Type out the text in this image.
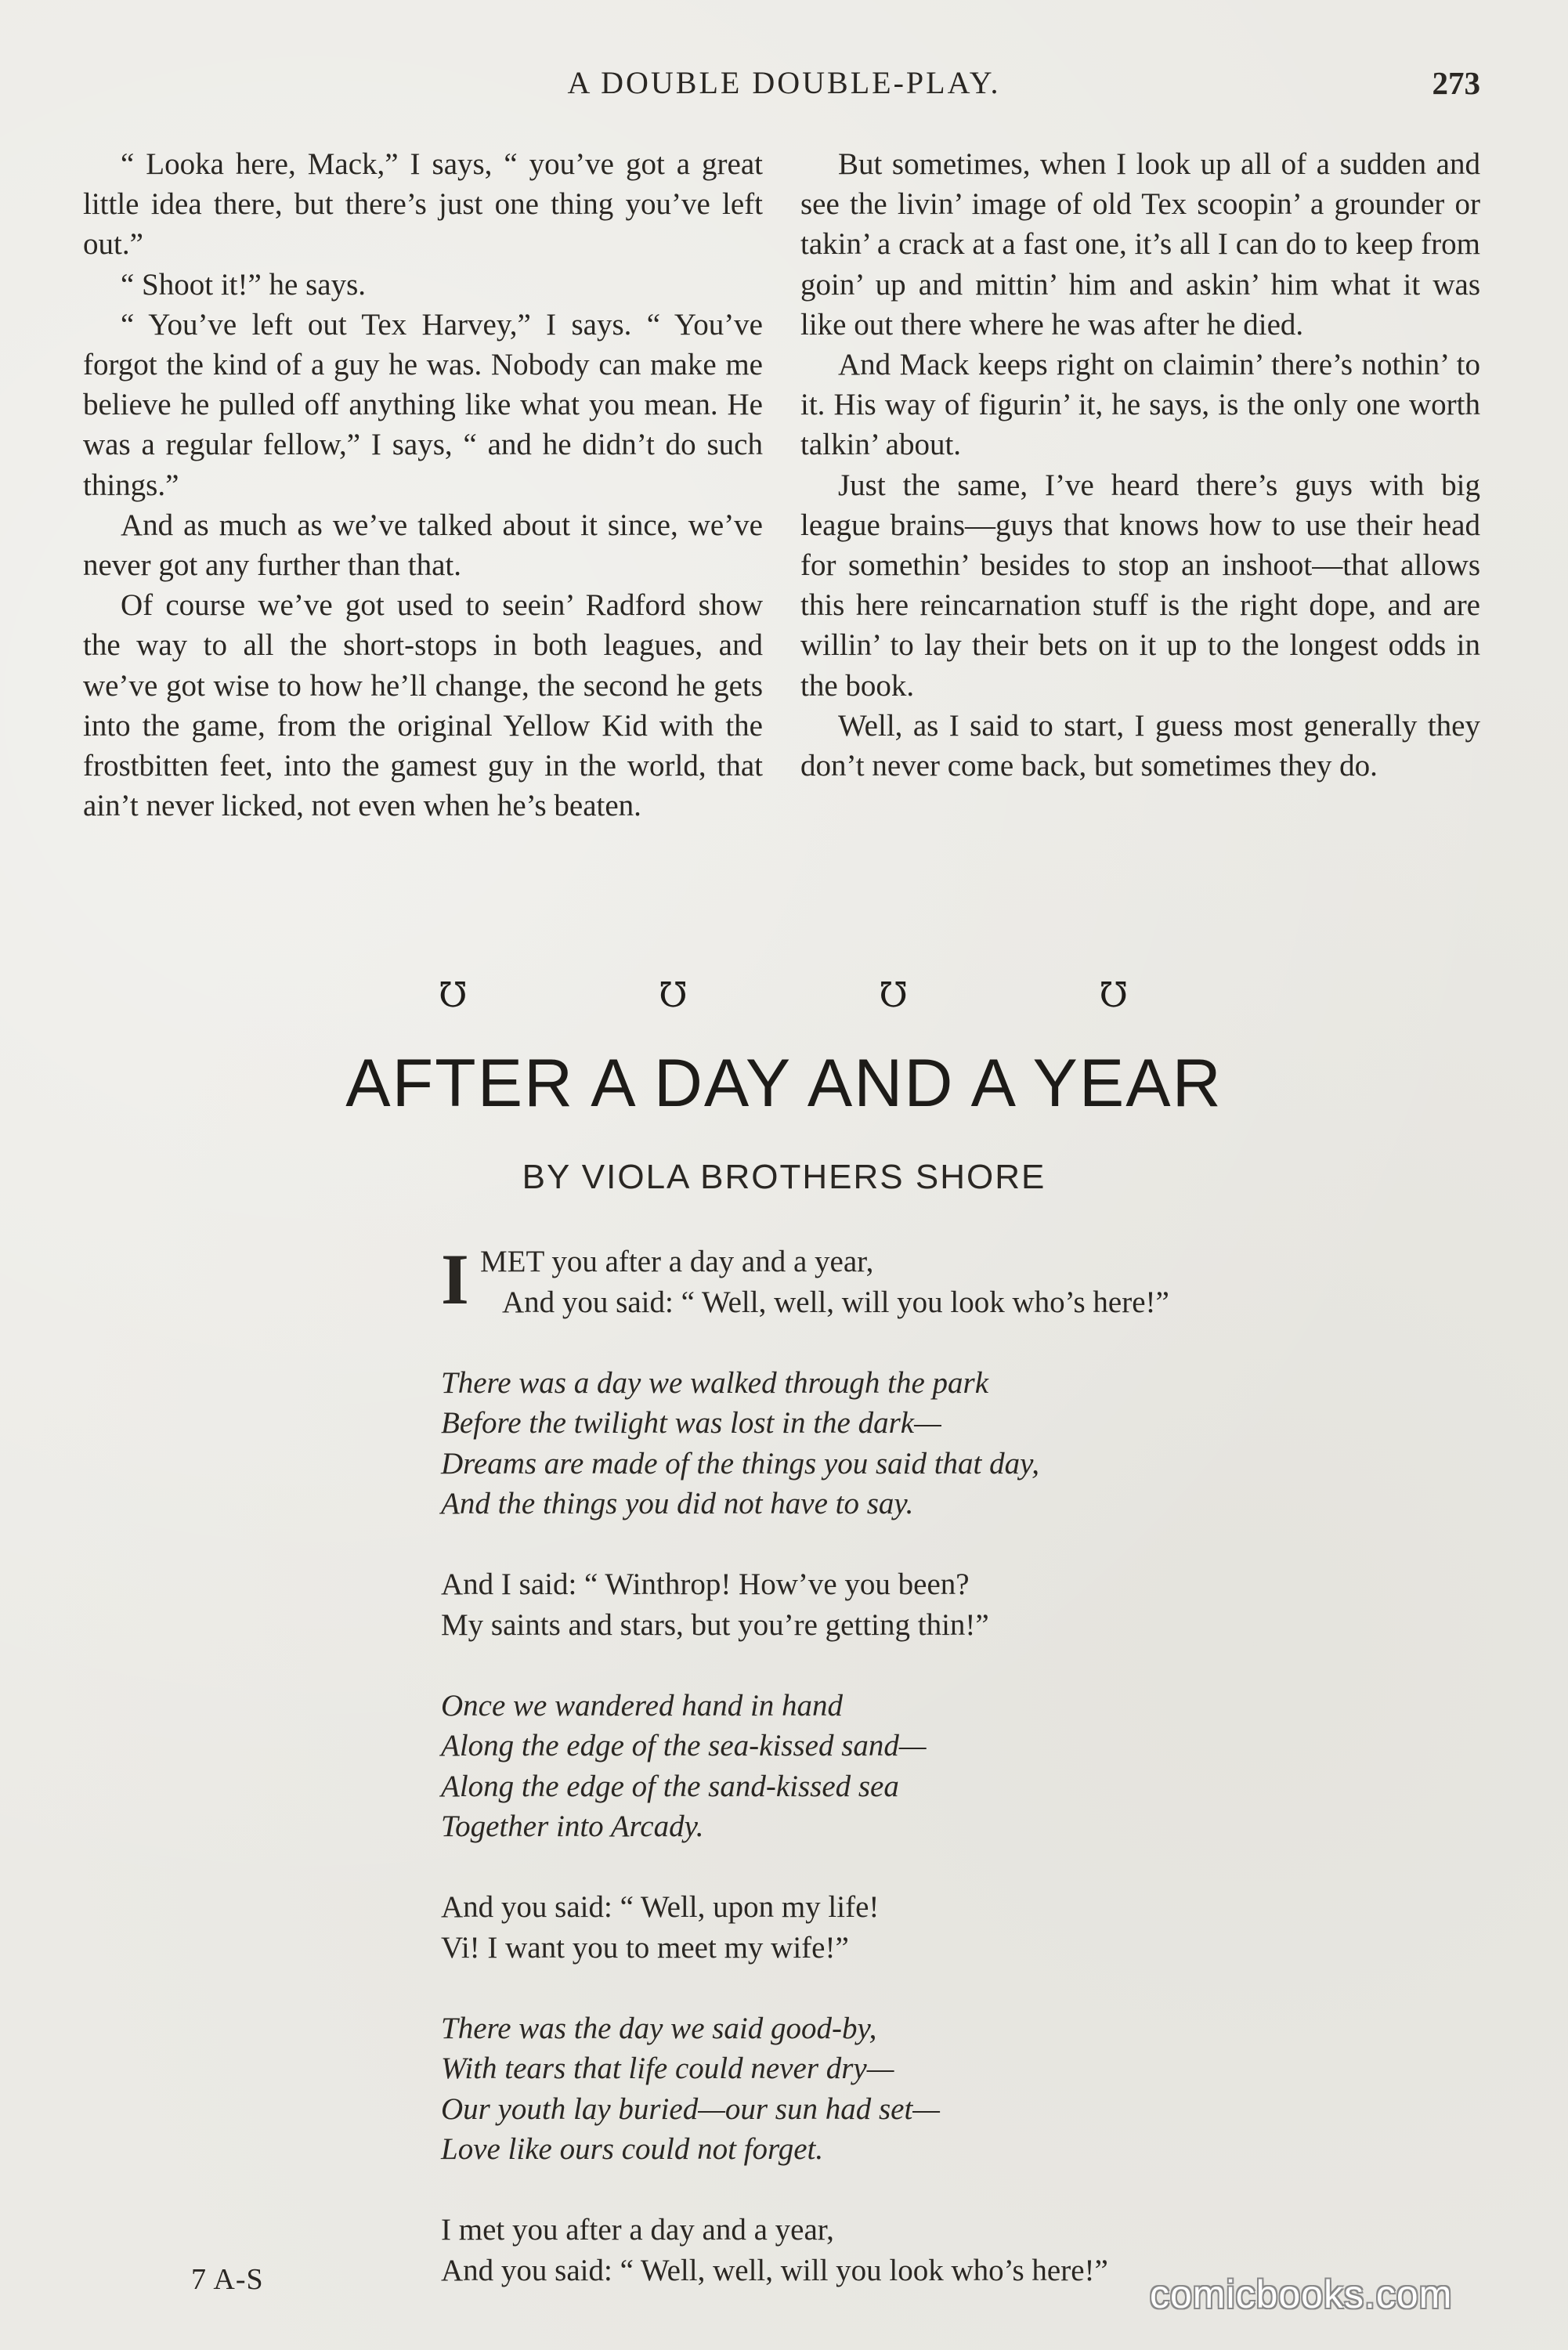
A DOUBLE DOUBLE-PLAY.	273

“ Looka here, Mack,” I says, “ you’ve got a great little idea there, but there’s just one thing you’ve left out.”

“ Shoot it!” he says.

“ You’ve left out Tex Harvey,” I says. “ You’ve forgot the kind of a guy he was. Nobody can make me believe he pulled off anything like what you mean. He was a regular fellow,” I says, “ and he didn’t do such things.”

And as much as we’ve talked about it since, we’ve never got any further than that.

Of course we’ve got used to seein’ Radford show the way to all the short-stops in both leagues, and we’ve got wise to how he’ll change, the second he gets into the game, from the original Yellow Kid with the frostbitten feet, into the gamest guy in the world, that ain’t never licked, not even when he’s beaten.

But sometimes, when I look up all of a sudden and see the livin’ image of old Tex scoopin’ a grounder or takin’ a crack at a fast one, it’s all I can do to keep from goin’ up and mittin’ him and askin’ him what it was like out there where he was after he died.

And Mack keeps right on claimin’ there’s nothin’ to it. His way of figurin’ it, he says, is the only one worth talkin’ about.

Just the same, I’ve heard there’s guys with big league brains—guys that knows how to use their head for somethin’ besides to stop an inshoot—that allows this here reincarnation stuff is the right dope, and are willin’ to lay their bets on it up to the longest odds in the book.

Well, as I said to start, I guess most generally they don’t never come back, but sometimes they do.

℧	℧	℧	℧
AFTER A DAY AND A YEAR
BY VIOLA BROTHERS SHORE
I MET you after a day and a year,
And you said: “ Well, well, will you look who’s here!”
There was a day we walked through the park
Before the twilight was lost in the dark—
Dreams are made of the things you said that day,
And the things you did not have to say.
And I said: “ Winthrop! How’ve you been?
My saints and stars, but you’re getting thin!”
Once we wandered hand in hand
Along the edge of the sea-kissed sand—
Along the edge of the sand-kissed sea
Together into Arcady.
And you said: “ Well, upon my life!
Vi! I want you to meet my wife!”
There was the day we said good-by,
With tears that life could never dry—
Our youth lay buried—our sun had set—
Love like ours could not forget.
I met you after a day and a year,
And you said: “ Well, well, will you look who’s here!”
7 A-S	comicbooks.com
